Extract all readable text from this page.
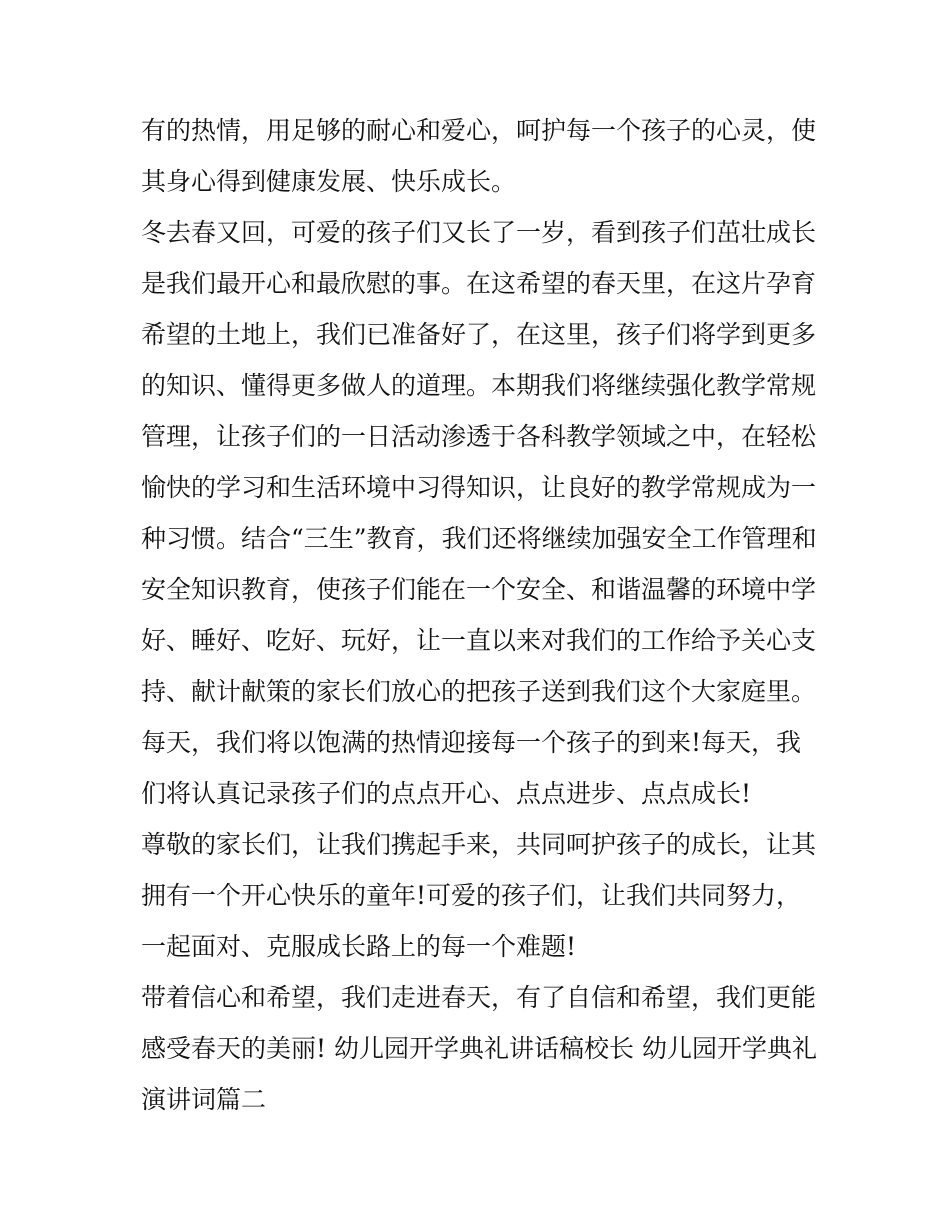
有的热情，用足够的耐心和爱心，呵护每一个孩子的心灵，使
其身心得到健康发展、快乐成长。
冬去春又回，可爱的孩子们又长了一岁，看到孩子们茁壮成长
是我们最开心和最欣慰的事。在这希望的春天里，在这片孕育
希望的土地上，我们已准备好了，在这里，孩子们将学到更多
的知识、懂得更多做人的道理。本期我们将继续强化教学常规
管理，让孩子们的一日活动渗透于各科教学领域之中，在轻松
愉快的学习和生活环境中习得知识，让良好的教学常规成为一
种习惯。结合“三生”教育，我们还将继续加强安全工作管理和
安全知识教育，使孩子们能在一个安全、和谐温馨的环境中学
好、睡好、吃好、玩好，让一直以来对我们的工作给予关心支
持、献计献策的家长们放心的把孩子送到我们这个大家庭里。
每天，我们将以饱满的热情迎接每一个孩子的到来!每天，我
们将认真记录孩子们的点点开心、点点进步、点点成长!
尊敬的家长们，让我们携起手来，共同呵护孩子的成长，让其
拥有一个开心快乐的童年!可爱的孩子们，让我们共同努力，
一起面对、克服成长路上的每一个难题!
带着信心和希望，我们走进春天，有了自信和希望，我们更能
感受春天的美丽! 幼儿园开学典礼讲话稿校长 幼儿园开学典礼
演讲词篇二
